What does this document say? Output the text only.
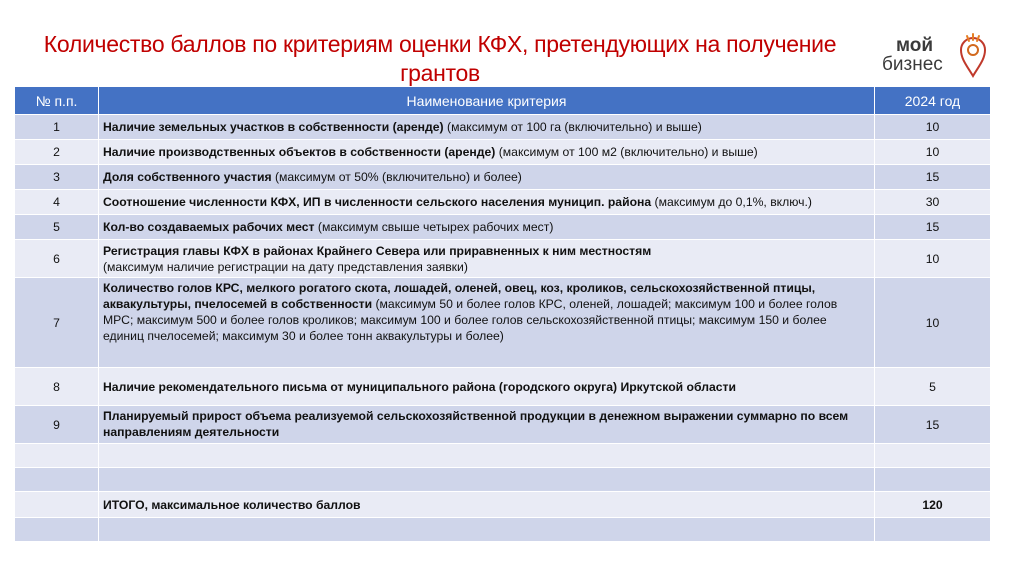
Количество баллов по критериям оценки КФХ, претендующих на получение грантов
мой
бизнес
№ п.п.	Наименование критерия	2024 год
1	Наличие земельных участков в собственности (аренде) (максимум от 100 га (включительно) и выше)	10
2	Наличие производственных объектов в собственности (аренде) (максимум от 100 м2 (включительно) и выше)	10
3	Доля собственного участия (максимум от 50% (включительно) и более)	15
4	Соотношение численности КФХ, ИП в численности сельского населения муницип. района (максимум до 0,1%, включ.)	30
5	Кол-во создаваемых рабочих мест (максимум свыше четырех рабочих мест)	15
6	Регистрация главы КФХ в районах Крайнего Севера или приравненных к ним местностям
(максимум наличие регистрации на дату представления заявки)	10
7	Количество голов КРС, мелкого рогатого скота, лошадей, оленей, овец, коз, кроликов, сельскохозяйственной птицы, аквакультуры, пчелосемей в собственности (максимум 50 и более голов КРС, оленей, лошадей; максимум 100 и более голов МРС; максимум 500 и более голов кроликов; максимум 100 и более голов сельскохозяйственной птицы; максимум 150 и более единиц пчелосемей; максимум 30 и более тонн аквакультуры и более)	10
8	Наличие рекомендательного письма от муниципального района (городского округа) Иркутской области	5
9	Планируемый прирост объема реализуемой сельскохозяйственной продукции в денежном выражении суммарно по всем направлениям деятельности	15

	ИТОГО, максимальное количество баллов	120
